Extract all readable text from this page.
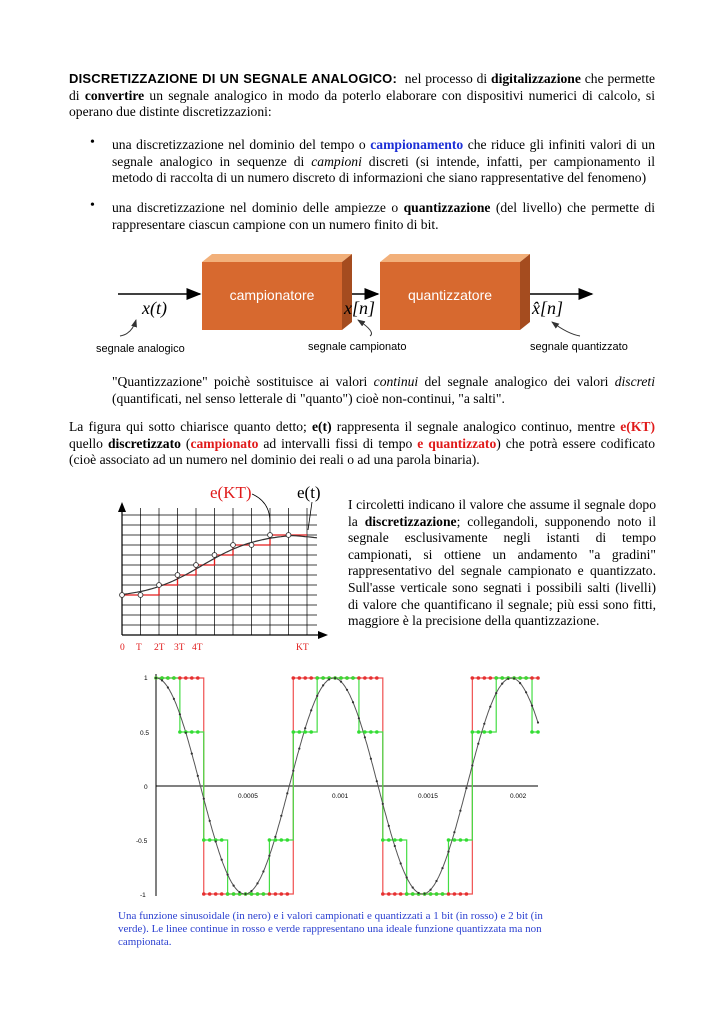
DISCRETIZZAZIONE DI UN SEGNALE ANALOGICO: nel processo di digitalizzazione che permette di convertire un segnale analogico in modo da poterlo elaborare con dispositivi numerici di calcolo, si operano due distinte discretizzazioni:
• una discretizzazione nel dominio del tempo o campionamento che riduce gli infiniti valori di un segnale analogico in sequenze di campioni discreti (si intende, infatti, per campionamento il metodo di raccolta di un numero discreto di informazioni che siano rappresentative del fenomeno)
• una discretizzazione nel dominio delle ampiezze o quantizzazione (del livello) che permette di rappresentare ciascun campione con un numero finito di bit.
campionatore	quantizzatore
x(t)	x[n]	x̂[n]
segnale analogico	segnale campionato	segnale quantizzato
"Quantizzazione" poichè sostituisce ai valori continui del segnale analogico dei valori discreti (quantificati, nel senso letterale di "quanto") cioè non-continui, "a salti".
La figura qui sotto chiarisce quanto detto; e(t) rappresenta il segnale analogico continuo, mentre e(KT) quello discretizzato (campionato ad intervalli fissi di tempo e quantizzato) che potrà essere codificato (cioè associato ad un numero nel dominio dei reali o ad una parola binaria).
e(KT)	e(t)
0 T 2T 3T 4T	KT
I circoletti indicano il valore che assume il segnale dopo la discretizzazione; collegandoli, supponendo noto il segnale esclusivamente negli istanti di tempo campionati, si ottiene un andamento "a gradini" rappresentativo del segnale campionato e quantizzato. Sull'asse verticale sono segnati i possibili salti (livelli) di valore che quantificano il segnale; più essi sono fitti, maggiore è la precisione della quantizzazione.
1
0.5
0
-0.5
-1
0.0005	0.001	0.0015	0.002
Una funzione sinusoidale (in nero) e i valori campionati e quantizzati a 1 bit (in rosso) e 2 bit (in verde). Le linee continue in rosso e verde rappresentano una ideale funzione quantizzata ma non campionata.
